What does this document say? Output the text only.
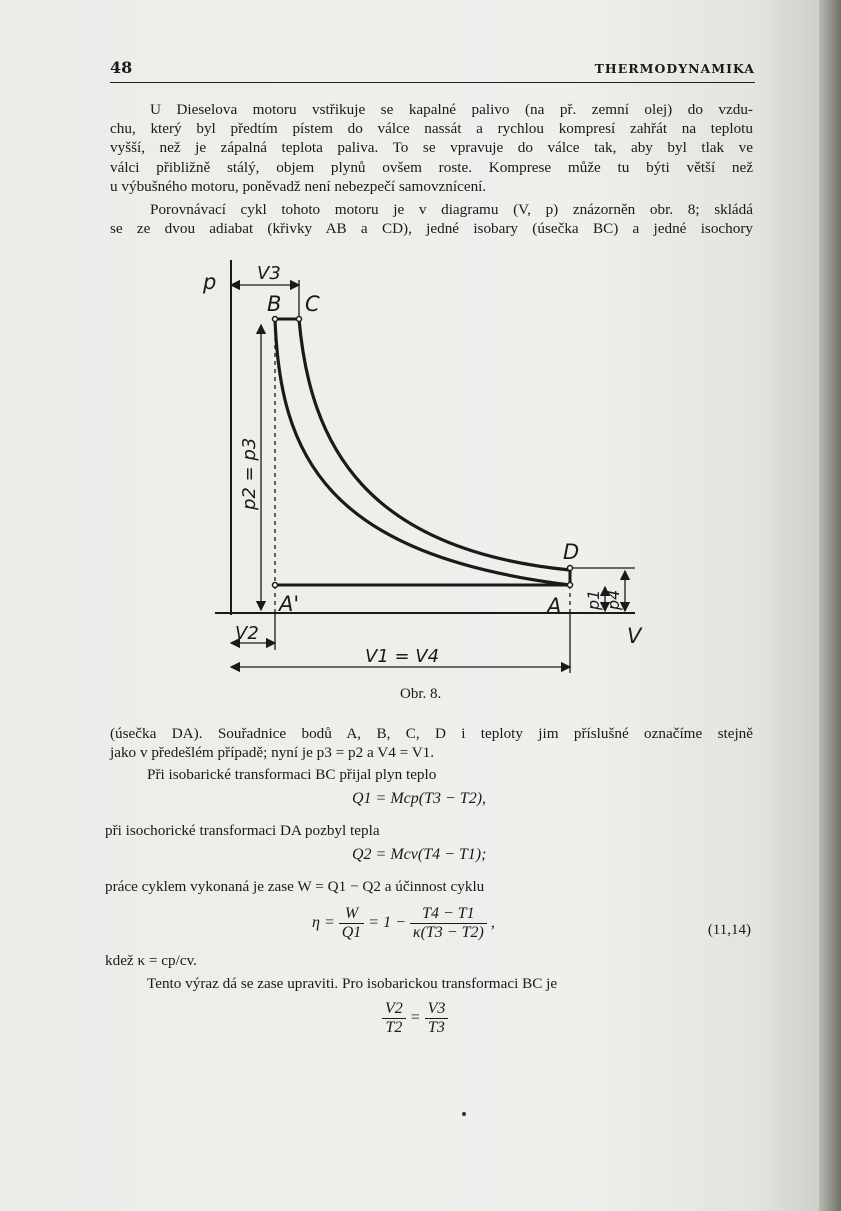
48	THERMODYNAMIKA
U Dieselova motoru vstřikuje se kapalné palivo (na př. zemní olej) do vzdu-
chu, který byl předtím pístem do válce nassát a rychlou kompresí zahřát na teplotu
vyšší, než je zápalná teplota paliva. To se vpravuje do válce tak, aby byl tlak ve
válci přibližně stálý, objem plynů ovšem roste. Komprese může tu býti větší než
u výbušného motoru, poněvadž není nebezpečí samovznícení.
Porovnávací cykl tohoto motoru je v diagramu (V, p) znázorněn obr. 8; skládá
se ze dvou adiabat (křivky AB a CD), jedné isobary (úsečka BC) a jedné isochory
p
V
B C
D
A
A'
V3
V2
V1 = V4
p2 = p3
p1 p4
Obr. 8.
(úsečka DA). Souřadnice bodů A, B, C, D i teploty jim příslušné označíme stejně
jako v předešlém případě; nyní je p3 = p2 a V4 = V1.
Při isobarické transformaci BC přijal plyn teplo
Q1 = Mcp(T3 − T2),
při isochorické transformaci DA pozbyl tepla
Q2 = Mcv(T4 − T1);
práce cyklem vykonaná je zase W = Q1 − Q2 a účinnost cyklu
$\eta = \frac{W}{Q1} = 1 - \frac{T4 - T1}{\kappa(T3 - T2)}$ ,	(11,14)
kdež κ = cp/cv.
Tento výraz dá se zase upraviti. Pro isobarickou transformaci BC je
$\frac{V2}{T2} = \frac{V3}{T3}$
